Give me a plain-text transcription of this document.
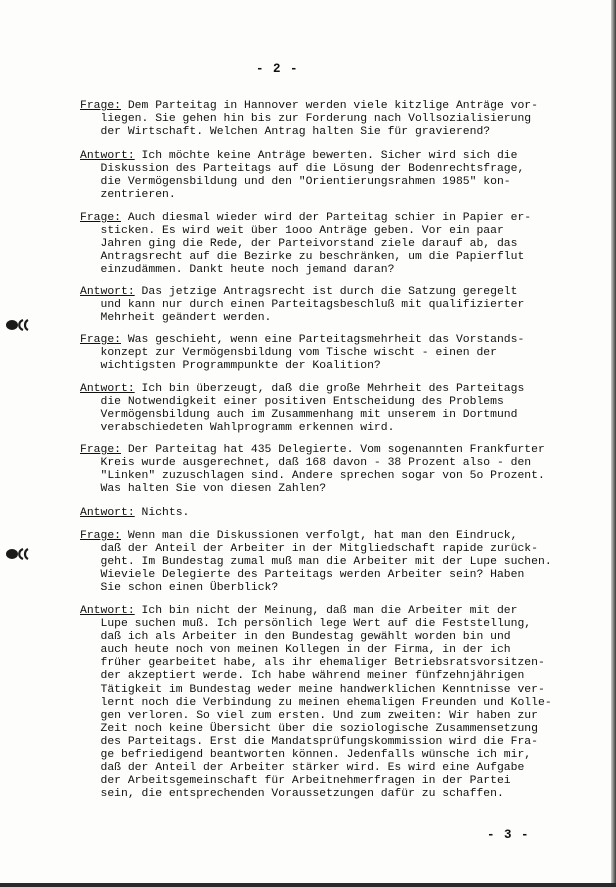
- 2 -
Frage: Dem Parteitag in Hannover werden viele kitzlige Anträge vor-
liegen. Sie gehen hin bis zur Forderung nach Vollsozialisierung
der Wirtschaft. Welchen Antrag halten Sie für gravierend?
Antwort: Ich möchte keine Anträge bewerten. Sicher wird sich die
Diskussion des Parteitags auf die Lösung der Bodenrechtsfrage,
die Vermögensbildung und den "Orientierungsrahmen 1985" kon-
zentrieren.
Frage: Auch diesmal wieder wird der Parteitag schier in Papier er-
sticken. Es wird weit über 1ooo Anträge geben. Vor ein paar
Jahren ging die Rede, der Parteivorstand ziele darauf ab, das
Antragsrecht auf die Bezirke zu beschränken, um die Papierflut
einzudämmen. Dankt heute noch jemand daran?
Antwort: Das jetzige Antragsrecht ist durch die Satzung geregelt
und kann nur durch einen Parteitagsbeschluß mit qualifizierter
Mehrheit geändert werden.
Frage: Was geschieht, wenn eine Parteitagsmehrheit das Vorstands-
konzept zur Vermögensbildung vom Tische wischt - einen der
wichtigsten Programmpunkte der Koalition?
Antwort: Ich bin überzeugt, daß die große Mehrheit des Parteitags
die Notwendigkeit einer positiven Entscheidung des Problems
Vermögensbildung auch im Zusammenhang mit unserem in Dortmund
verabschiedeten Wahlprogramm erkennen wird.
Frage: Der Parteitag hat 435 Delegierte. Vom sogenannten Frankfurter
Kreis wurde ausgerechnet, daß 168 davon - 38 Prozent also - den
"Linken" zuzuschlagen sind. Andere sprechen sogar von 5o Prozent.
Was halten Sie von diesen Zahlen?
Antwort: Nichts.
Frage: Wenn man die Diskussionen verfolgt, hat man den Eindruck,
daß der Anteil der Arbeiter in der Mitgliedschaft rapide zurück-
geht. Im Bundestag zumal muß man die Arbeiter mit der Lupe suchen.
Wieviele Delegierte des Parteitags werden Arbeiter sein? Haben
Sie schon einen Überblick?
Antwort: Ich bin nicht der Meinung, daß man die Arbeiter mit der
Lupe suchen muß. Ich persönlich lege Wert auf die Feststellung,
daß ich als Arbeiter in den Bundestag gewählt worden bin und
auch heute noch von meinen Kollegen in der Firma, in der ich
früher gearbeitet habe, als ihr ehemaliger Betriebsratsvorsitzen-
der akzeptiert werde. Ich habe während meiner fünfzehnjährigen
Tätigkeit im Bundestag weder meine handwerklichen Kenntnisse ver-
lernt noch die Verbindung zu meinen ehemaligen Freunden und Kolle-
gen verloren. So viel zum ersten. Und zum zweiten: Wir haben zur
Zeit noch keine Übersicht über die soziologische Zusammensetzung
des Parteitags. Erst die Mandatsprüfungskommission wird die Fra-
ge befriedigend beantworten können. Jedenfalls wünsche ich mir,
daß der Anteil der Arbeiter stärker wird. Es wird eine Aufgabe
der Arbeitsgemeinschaft für Arbeitnehmerfragen in der Partei
sein, die entsprechenden Voraussetzungen dafür zu schaffen.
- 3 -
